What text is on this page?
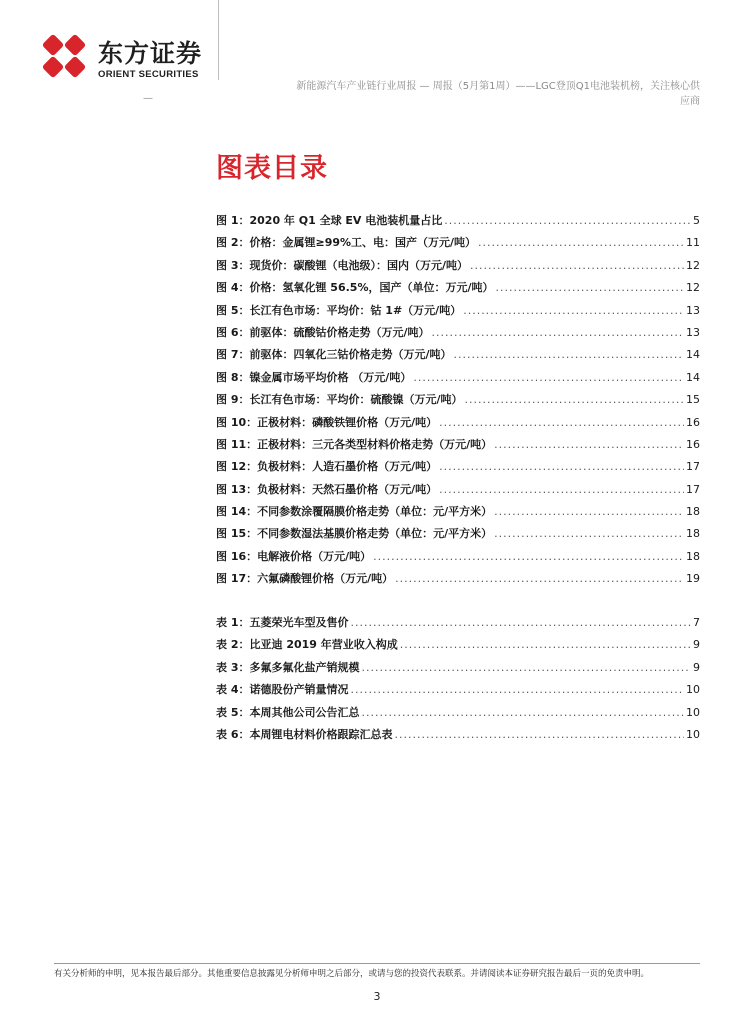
东方证券
ORIENT SECURITIES
新能源汽车产业链行业周报 — 周报（5月第1周）——LGC登顶Q1电池装机榜，关注核心供
应商
—
图表目录
图 1：2020 年 Q1 全球 EV 电池装机量占比 .....	5
图 2：价格：金属锂≥99%工、电：国产（万元/吨） .....	11
图 3：现货价：碳酸锂（电池级）：国内（万元/吨） .....	12
图 4：价格：氢氧化锂 56.5%，国产（单位：万元/吨） .....	12
图 5：长江有色市场：平均价：钴 1#（万元/吨） .....	13
图 6：前驱体：硫酸钴价格走势（万元/吨） .....	13
图 7：前驱体：四氧化三钴价格走势（万元/吨） .....	14
图 8：镍金属市场平均价格 （万元/吨） .....	14
图 9：长江有色市场：平均价：硫酸镍（万元/吨） .....	15
图 10：正极材料：磷酸铁锂价格（万元/吨） .....	16
图 11：正极材料：三元各类型材料价格走势（万元/吨） .....	16
图 12：负极材料：人造石墨价格（万元/吨） .....	17
图 13：负极材料：天然石墨价格（万元/吨） .....	17
图 14：不同参数涂覆隔膜价格走势（单位：元/平方米） .....	18
图 15：不同参数湿法基膜价格走势（单位：元/平方米） .....	18
图 16：电解液价格（万元/吨） .....	18
图 17：六氟磷酸锂价格（万元/吨） .....	19
表 1：五菱荣光车型及售价 .....	7
表 2：比亚迪 2019 年营业收入构成 .....	9
表 3：多氟多氟化盐产销规模 .....	9
表 4：诺德股份产销量情况 .....	10
表 5：本周其他公司公告汇总 .....	10
表 6：本周锂电材料价格跟踪汇总表 .....	10
有关分析师的申明，见本报告最后部分。其他重要信息披露见分析师申明之后部分，或请与您的投资代表联系。并请阅读本证券研究报告最后一页的免责申明。
3
